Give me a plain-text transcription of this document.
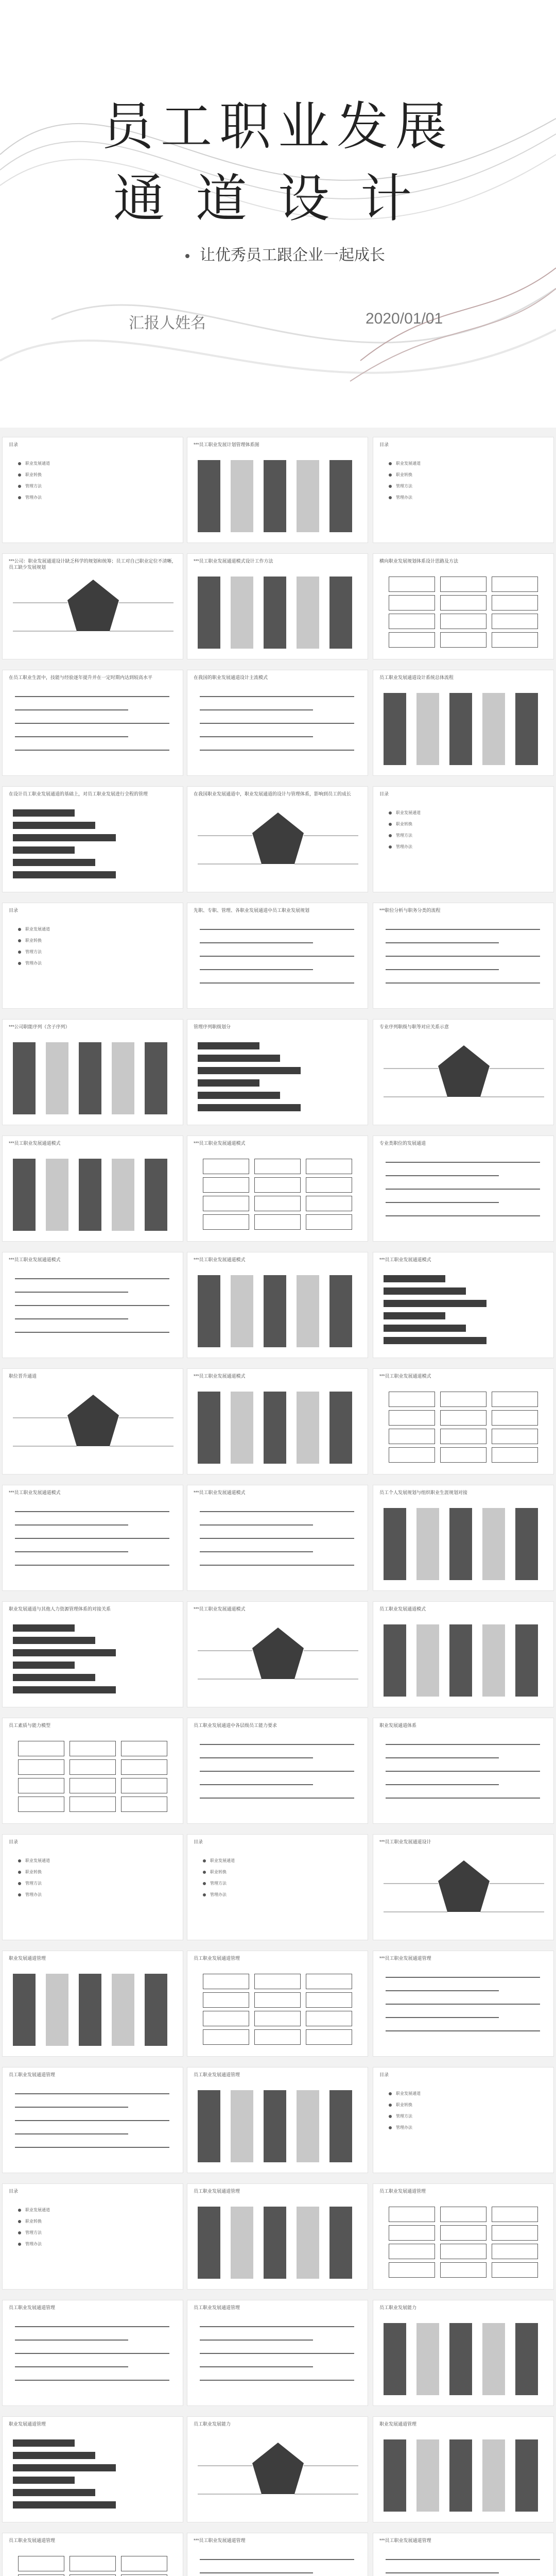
员工职业发展
通道设计
让优秀员工跟企业一起成长
汇报人姓名	2020/01/01
目录
职业发展通道
职业转换
管理方法
管理办法
***员工职业发展计划管理体系图	目录
职业发展通道
职业转换
管理方法
管理办法
***公司：职业发展通道设计缺乏科学的规划和统筹；员工对自己职业定位不清晰，员工缺少发展规划
***员工职业发展通道模式设计工作方法	横向职业发展规划体系设计思路及方法
在员工职业生涯中，技能与经验逐年提升并在一定时期内达到较高水平	在我国的职业发展通道设计主流模式	员工职业发展通道设计系统总体流程
在设计员工职业发展通道的基础上，对员工职业发展进行全程的管理	在我国职业发展通道中，职业发展通道的设计与管理体系，影响到员工的成长	目录
职业发展通道
职业转换
管理方法
管理办法
目录
职业发展通道
职业转换
管理方法
管理办法
先职、专职、管理、各职业发展通道中员工职业发展规划	***职位分析与职务分类的流程
***公司职能序列（含子序列）	管理序列职级划分	专业序列职级与职等对应关系示意
***员工职业发展通道模式	***员工职业发展通道模式	专业类职位的发展通道
***员工职业发展通道模式	***员工职业发展通道模式	***员工职业发展通道模式
职位晋升通道	***员工职业发展通道模式	***员工职业发展通道模式
***员工职业发展通道模式	***员工职业发展通道模式	员工个人发展规划与组织职业生涯规划对接
职业发展通道与其他人力资源管理体系的对接关系	***员工职业发展通道模式	员工职业发展通道模式
员工素质与能力模型	员工职业发展通道中各层级员工能力要求	职业发展通道体系
目录
职业发展通道
职业转换
管理方法
管理办法
目录
职业发展通道
职业转换
管理方法
管理办法
***员工职业发展通道设计
职业发展通道管理	员工职业发展通道管理	***员工职业发展通道管理
员工职业发展通道管理	员工职业发展通道管理	目录
职业发展通道
职业转换
管理方法
管理办法
目录
职业发展通道
职业转换
管理方法
管理办法
员工职业发展通道管理	员工职业发展通道管理
员工职业发展通道管理	员工职业发展通道管理	员工职业发展能力
职业发展通道管理	员工职业发展能力	职业发展通道管理
员工职业发展通道管理	***员工职业发展通道管理	***员工职业发展通道管理
